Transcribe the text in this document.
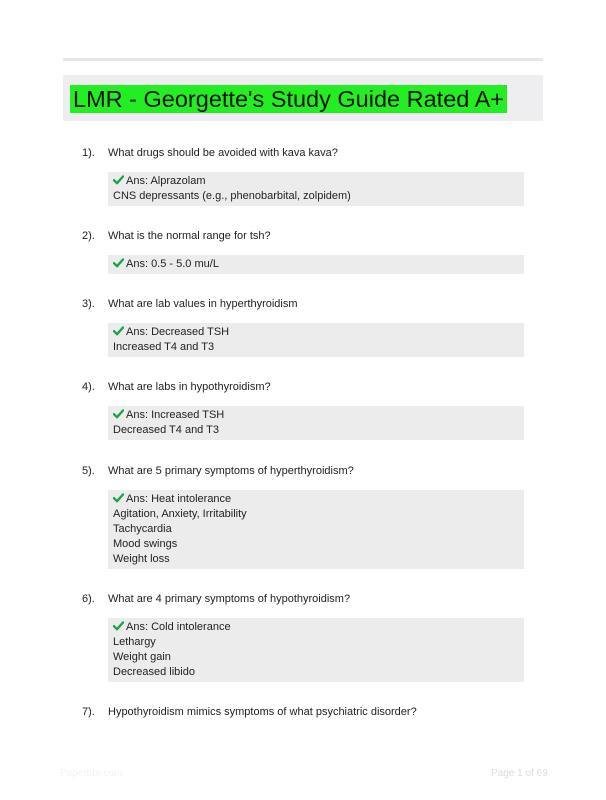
LMR - Georgette's Study Guide Rated A+
1). What drugs should be avoided with kava kava?
Ans: Alprazolam
CNS depressants (e.g., phenobarbital, zolpidem)
2). What is the normal range for tsh?
Ans: 0.5 - 5.0 mu/L
3). What are lab values in hyperthyroidism
Ans: Decreased TSH
Increased T4 and T3
4). What are labs in hypothyroidism?
Ans: Increased TSH
Decreased T4 and T3
5). What are 5 primary symptoms of hyperthyroidism?
Ans: Heat intolerance
Agitation, Anxiety, Irritability
Tachycardia
Mood swings
Weight loss
6). What are 4 primary symptoms of hypothyroidism?
Ans: Cold intolerance
Lethargy
Weight gain
Decreased libido
7). Hypothyroidism mimics symptoms of what psychiatric disorder?
Paperbbr.com	Page 1 of 69
